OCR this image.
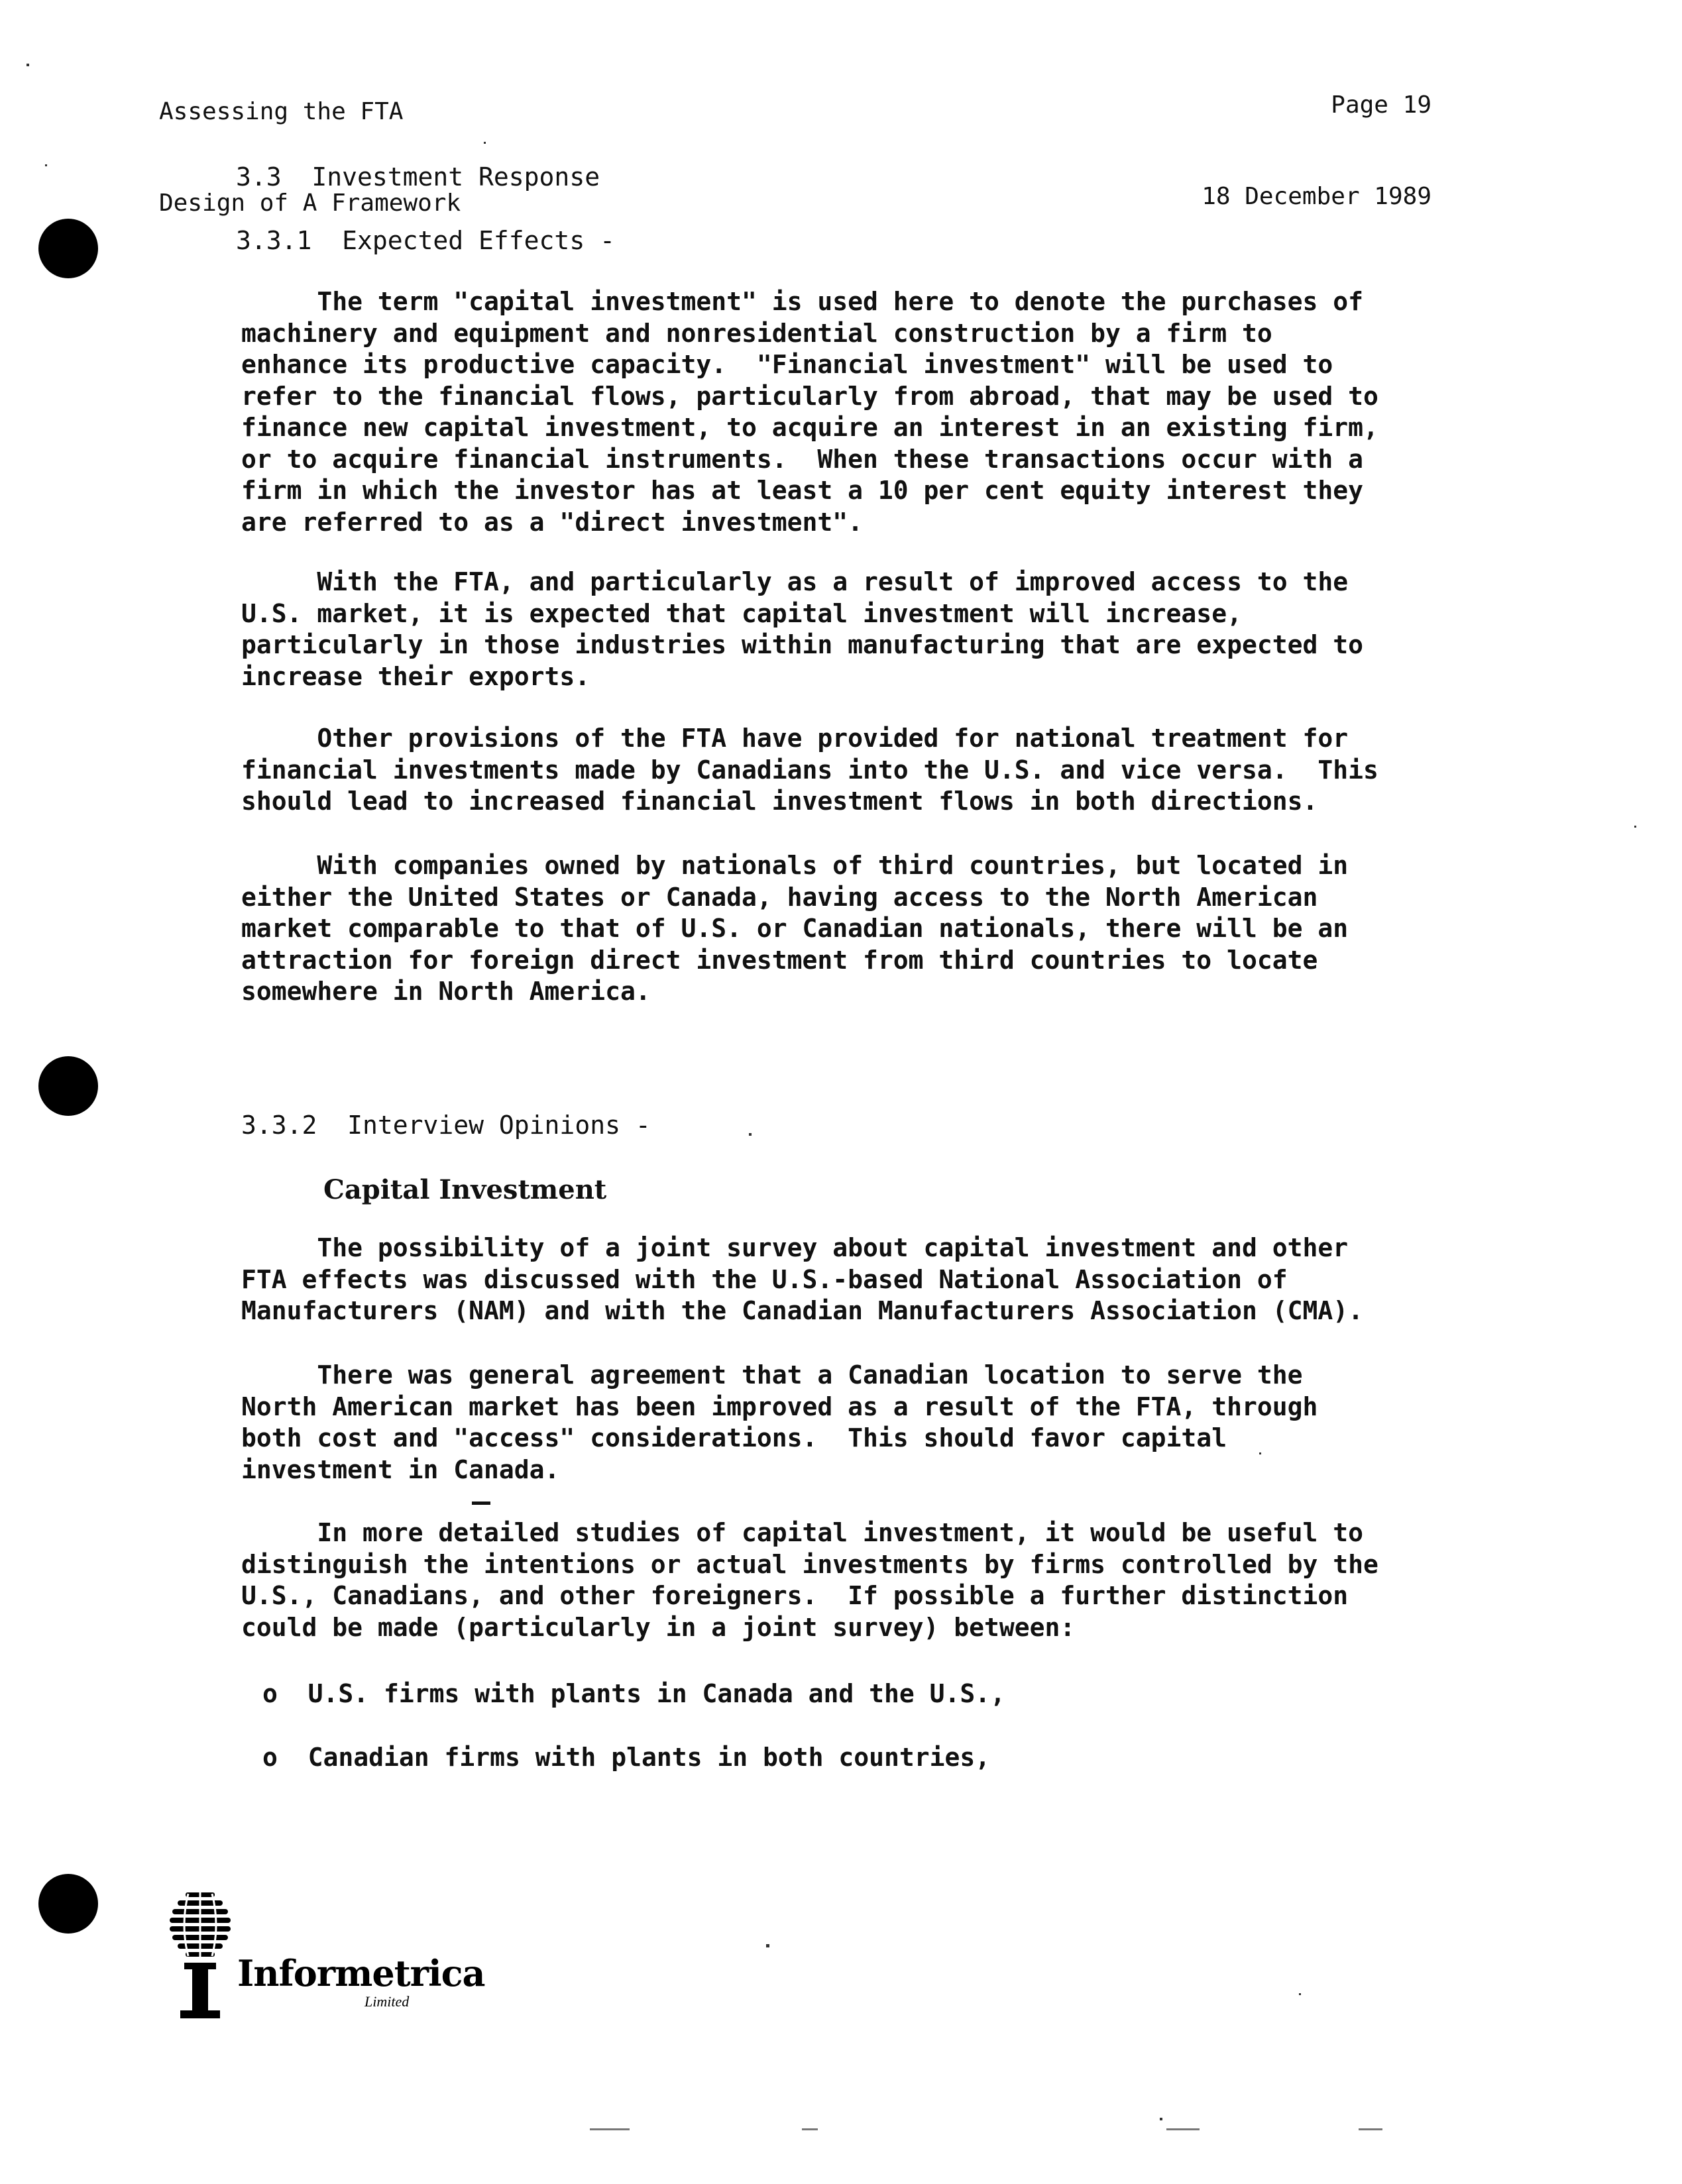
Assessing the FTA

Design of A Framework

Page 19

18 December 1989

3.3  Investment Response
3.3.1  Expected Effects -
The term "capital investment" is used here to denote the purchases of
machinery and equipment and nonresidential construction by a firm to
enhance its productive capacity.  "Financial investment" will be used to
refer to the financial flows, particularly from abroad, that may be used to
finance new capital investment, to acquire an interest in an existing firm,
or to acquire financial instruments.  When these transactions occur with a
firm in which the investor has at least a 10 per cent equity interest they
are referred to as a "direct investment".
With the FTA, and particularly as a result of improved access to the
U.S. market, it is expected that capital investment will increase,
particularly in those industries within manufacturing that are expected to
increase their exports.
Other provisions of the FTA have provided for national treatment for
financial investments made by Canadians into the U.S. and vice versa.  This
should lead to increased financial investment flows in both directions.
With companies owned by nationals of third countries, but located in
either the United States or Canada, having access to the North American
market comparable to that of U.S. or Canadian nationals, there will be an
attraction for foreign direct investment from third countries to locate
somewhere in North America.
3.3.2  Interview Opinions -
Capital Investment
The possibility of a joint survey about capital investment and other
FTA effects was discussed with the U.S.-based National Association of
Manufacturers (NAM) and with the Canadian Manufacturers Association (CMA).
There was general agreement that a Canadian location to serve the
North American market has been improved as a result of the FTA, through
both cost and "access" considerations.  This should favor capital
investment in Canada.
In more detailed studies of capital investment, it would be useful to
distinguish the intentions or actual investments by firms controlled by the
U.S., Canadians, and other foreigners.  If possible a further distinction
could be made (particularly in a joint survey) between:
o  U.S. firms with plants in Canada and the U.S.,
o  Canadian firms with plants in both countries,
Informetrica
Limited
